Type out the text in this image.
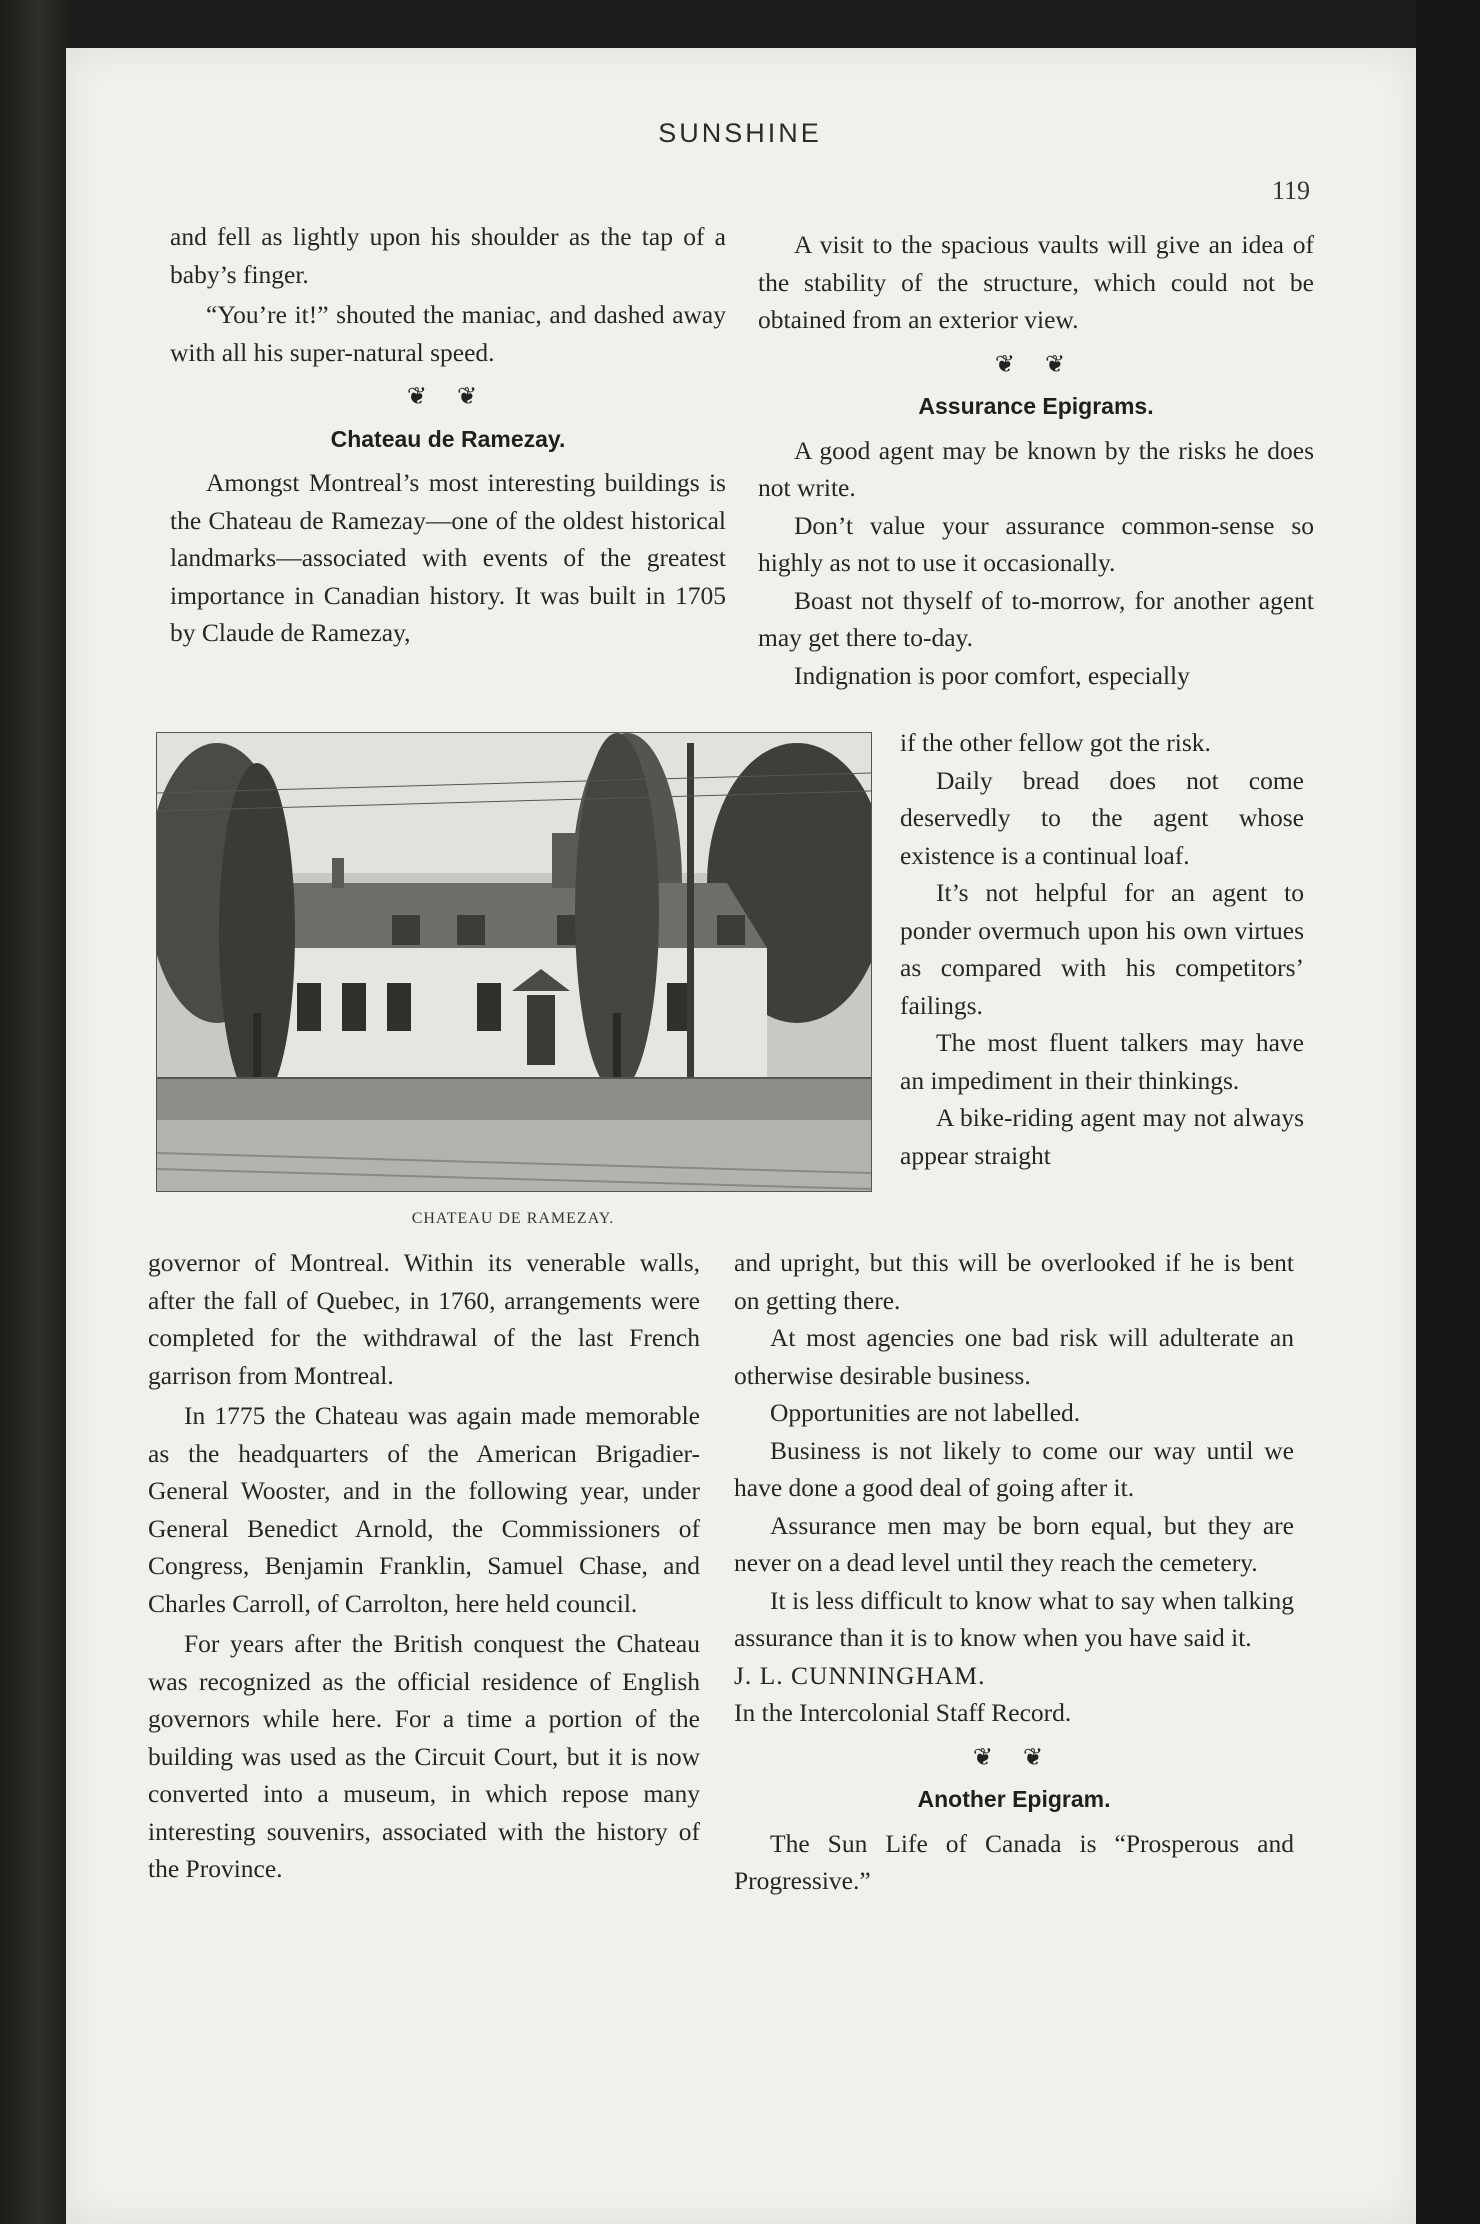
SUNSHINE
119

and fell as lightly upon his shoulder as the tap of a baby’s finger.

“You’re it!” shouted the maniac, and dashed away with all his super-natural speed.

❦ ❦
Chateau de Ramezay.

Amongst Montreal’s most interesting buildings is the Chateau de Ramezay—one of the oldest historical landmarks—associated with events of the greatest importance in Canadian history. It was built in 1705 by Claude de Ramezay,

CHATEAU DE RAMEZAY.

governor of Montreal. Within its venerable walls, after the fall of Quebec, in 1760, arrangements were completed for the withdrawal of the last French garrison from Montreal.

In 1775 the Chateau was again made memorable as the headquarters of the American Brigadier-General Wooster, and in the following year, under General Benedict Arnold, the Commissioners of Congress, Benjamin Franklin, Samuel Chase, and Charles Carroll, of Carrolton, here held council.

For years after the British conquest the Chateau was recognized as the official residence of English governors while here. For a time a portion of the building was used as the Circuit Court, but it is now converted into a museum, in which repose many interesting souvenirs, associated with the history of the Province.

A visit to the spacious vaults will give an idea of the stability of the structure, which could not be obtained from an exterior view.

❦ ❦
Assurance Epigrams.

A good agent may be known by the risks he does not write.

Don’t value your assurance common-sense so highly as not to use it occasionally.

Boast not thyself of to-morrow, for another agent may get there to-day.

Indignation is poor comfort, especially

if the other fellow got the risk.

Daily bread does not come deservedly to the agent whose existence is a continual loaf.

It’s not helpful for an agent to ponder overmuch upon his own virtues as compared with his competitors’ failings.

The most fluent talkers may have an impediment in their thinkings.

A bike-riding agent may not always appear straight

and upright, but this will be overlooked if he is bent on getting there.

At most agencies one bad risk will adulterate an otherwise desirable business.

Opportunities are not labelled.

Business is not likely to come our way until we have done a good deal of going after it.

Assurance men may be born equal, but they are never on a dead level until they reach the cemetery.

It is less difficult to know what to say when talking assurance than it is to know when you have said it.

J. L. CUNNINGHAM.

In the Intercolonial Staff Record.

❦ ❦
Another Epigram.

The Sun Life of Canada is “Prosperous and Progressive.”
